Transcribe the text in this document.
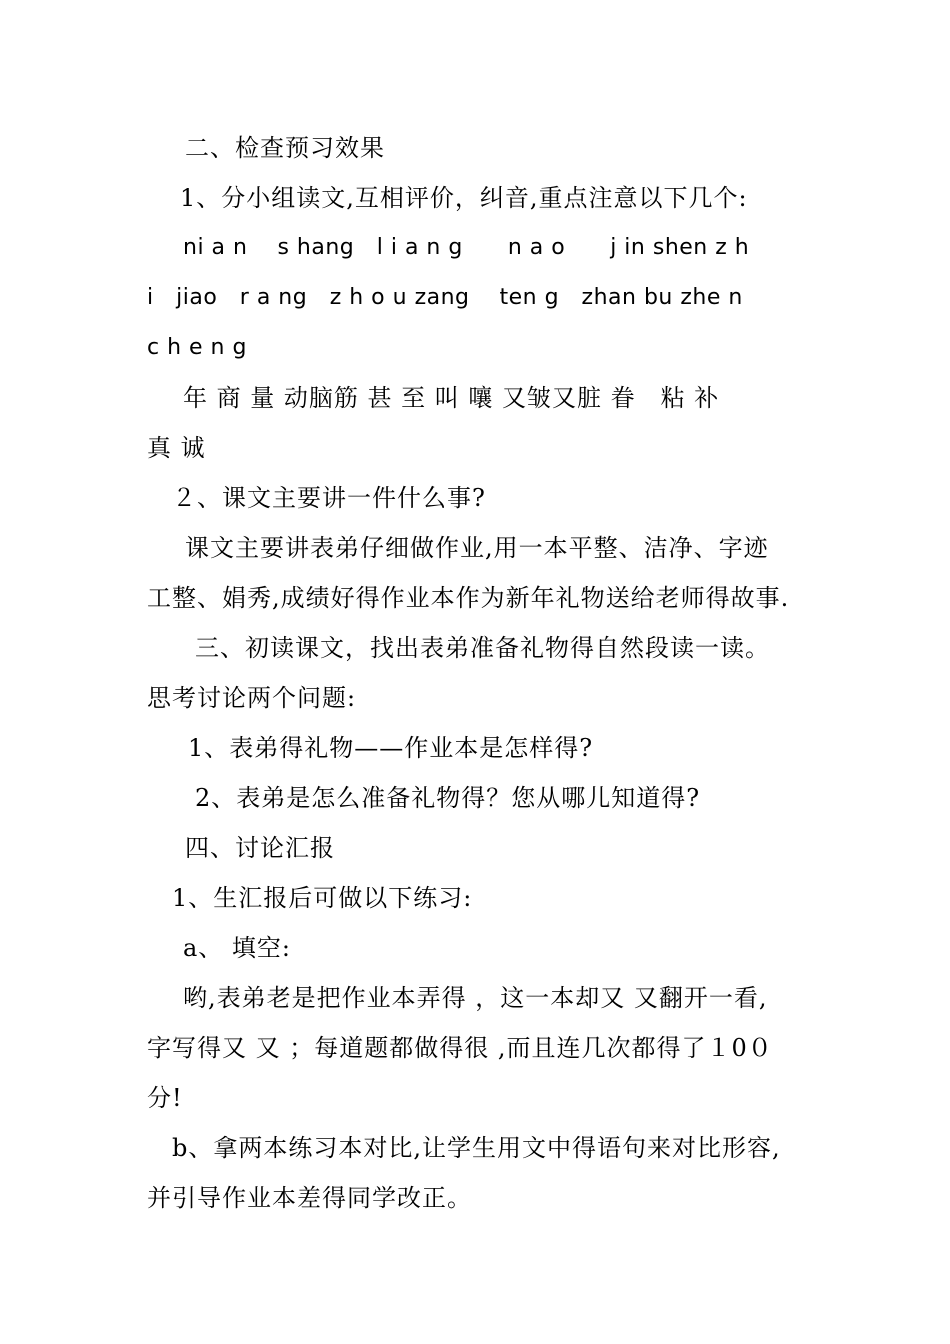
二、检查预习效果
1、分小组读文,互相评价，纠音,重点注意以下几个:
ni a n　 s hang　l i a n g　　n a o　　j in shen z h
i　jiao　r a ng　z h o u zang　 ten g　zhan bu zhe n
c h e n g
年 商 量 动脑筋 甚 至 叫 嚷 又皱又脏 眷　粘 补
真 诚
２、课文主要讲一件什么事?
课文主要讲表弟仔细做作业,用一本平整、洁净、字迹
工整、娟秀,成绩好得作业本作为新年礼物送给老师得故事.
三、初读课文，找出表弟准备礼物得自然段读一读。
思考讨论两个问题:
1、表弟得礼物——作业本是怎样得?
2、表弟是怎么准备礼物得？您从哪儿知道得?
四、讨论汇报
1、生汇报后可做以下练习:
a、 填空:
哟,表弟老是把作业本弄得 ，这一本却又 又翻开一看,
字写得又 又 ；每道题都做得很 ,而且连几次都得了１0０
分!
b、拿两本练习本对比,让学生用文中得语句来对比形容,
并引导作业本差得同学改正。
